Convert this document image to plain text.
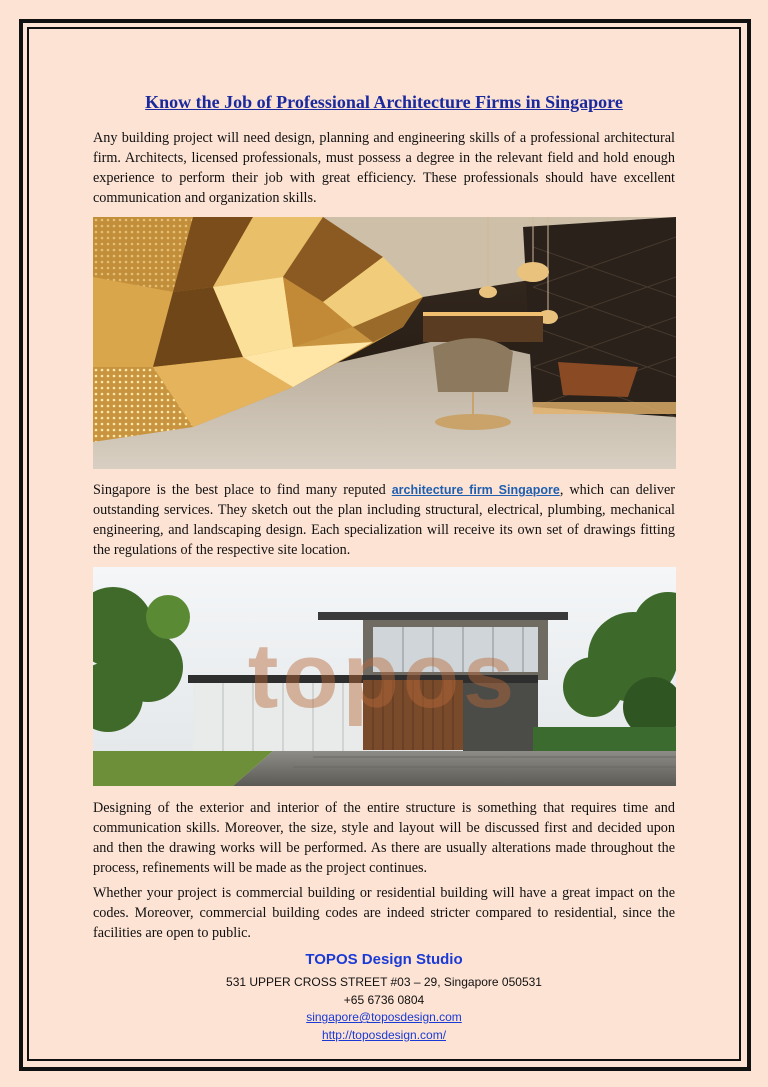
Know the Job of Professional Architecture Firms in Singapore
Any building project will need design, planning and engineering skills of a professional architectural firm. Architects, licensed professionals, must possess a degree in the relevant field and hold enough experience to perform their job with great efficiency. These professionals should have excellent communication and organization skills.
Singapore is the best place to find many reputed architecture firm Singapore, which can deliver outstanding services. They sketch out the plan including structural, electrical, plumbing, mechanical engineering, and landscaping design. Each specialization will receive its own set of drawings fitting the regulations of the respective site location.
topos
Designing of the exterior and interior of the entire structure is something that requires time and communication skills. Moreover, the size, style and layout will be discussed first and decided upon and then the drawing works will be performed. As there are usually alterations made throughout the process, refinements will be made as the project continues.
Whether your project is commercial building or residential building will have a great impact on the codes. Moreover, commercial building codes are indeed stricter compared to residential, since the facilities are open to public.
TOPOS Design Studio
531 UPPER CROSS STREET #03 – 29, Singapore 050531
+65 6736 0804
singapore@toposdesign.com
http://toposdesign.com/
